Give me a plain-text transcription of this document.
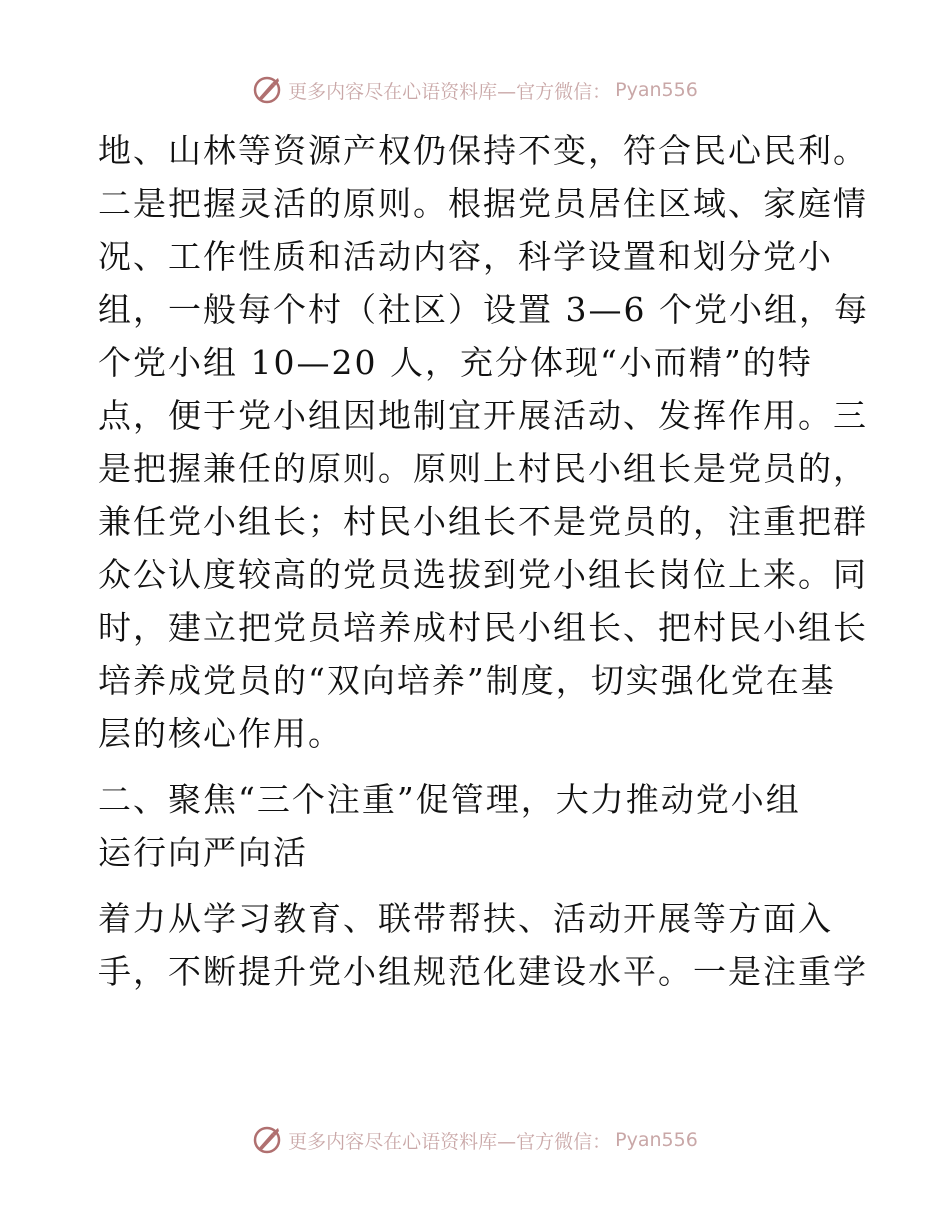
更多内容尽在心语资料库—官方微信： Pyan556
地、山林等资源产权仍保持不变，符合民心民利。
二是把握灵活的原则。根据党员居住区域、家庭情
况、工作性质和活动内容，科学设置和划分党小
组，一般每个村（社区）设置 3—6 个党小组，每
个党小组 10—20 人，充分体现“小而精”的特
点，便于党小组因地制宜开展活动、发挥作用。三
是把握兼任的原则。原则上村民小组长是党员的，
兼任党小组长；村民小组长不是党员的，注重把群
众公认度较高的党员选拔到党小组长岗位上来。同
时，建立把党员培养成村民小组长、把村民小组长
培养成党员的“双向培养”制度，切实强化党在基
层的核心作用。
二、聚焦“三个注重”促管理，大力推动党小组
运行向严向活
着力从学习教育、联带帮扶、活动开展等方面入
手，不断提升党小组规范化建设水平。一是注重学
更多内容尽在心语资料库—官方微信： Pyan556
